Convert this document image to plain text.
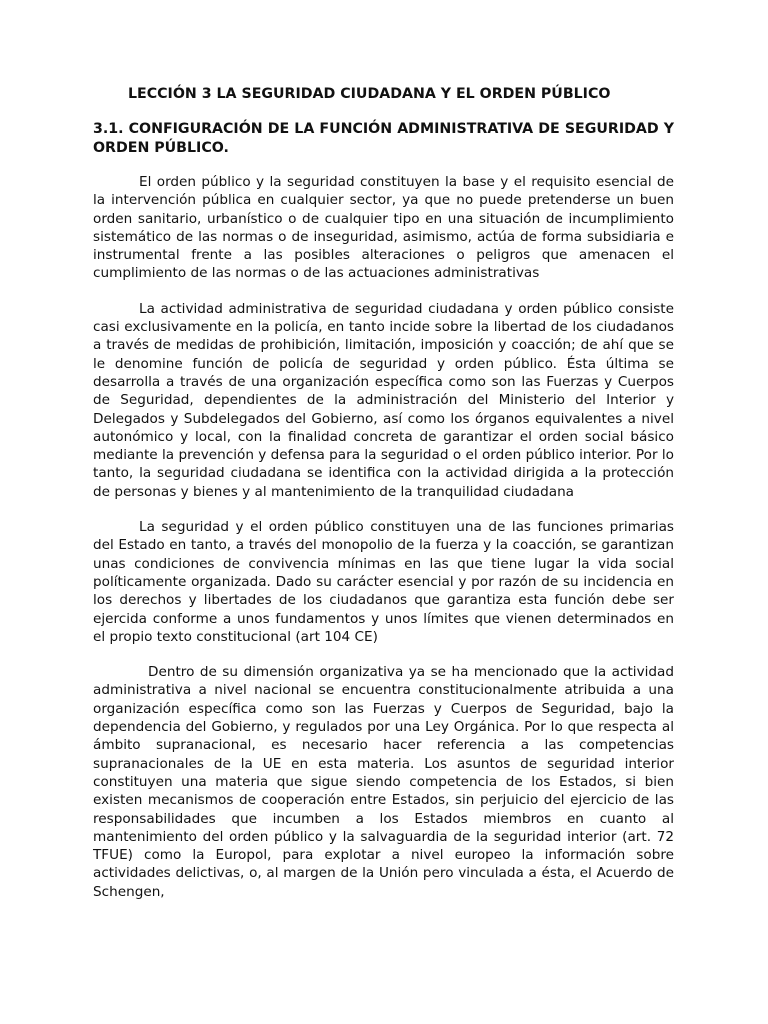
LECCIÓN 3 LA SEGURIDAD CIUDADANA Y EL ORDEN PÚBLICO
3.1. CONFIGURACIÓN DE LA FUNCIÓN ADMINISTRATIVA DE SEGURIDAD Y ORDEN PÚBLICO.

El orden público y la seguridad constituyen la base y el requisito esencial de la intervención pública en cualquier sector, ya que no puede pretenderse un buen orden sanitario, urbanístico o de cualquier tipo en una situación de incumplimiento sistemático de las normas o de inseguridad, asimismo, actúa de forma subsidiaria e instrumental frente a las posibles alteraciones o peligros que amenacen el cumplimiento de las normas o de las actuaciones administrativas

La actividad administrativa de seguridad ciudadana y orden público consiste casi exclusivamente en la policía, en tanto incide sobre la libertad de los ciudadanos a través de medidas de prohibición, limitación, imposición y coacción; de ahí que se le denomine función de policía de seguridad y orden público. Ésta última se desarrolla a través de una organización específica como son las Fuerzas y Cuerpos de Seguridad, dependientes de la administración del Ministerio del Interior y Delegados y Subdelegados del Gobierno, así como los órganos equivalentes a nivel autonómico y local, con la finalidad concreta de garantizar el orden social básico mediante la prevención y defensa para la seguridad o el orden público interior. Por lo tanto, la seguridad ciudadana se identifica con la actividad dirigida a la protección de personas y bienes y al mantenimiento de la tranquilidad ciudadana

La seguridad y el orden público constituyen una de las funciones primarias del Estado en tanto, a través del monopolio de la fuerza y la coacción, se garantizan unas condiciones de convivencia mínimas en las que tiene lugar la vida social políticamente organizada. Dado su carácter esencial y por razón de su incidencia en los derechos y libertades de los ciudadanos que garantiza esta función debe ser ejercida conforme a unos fundamentos y unos límites que vienen determinados en el propio texto constitucional (art 104 CE)

Dentro de su dimensión organizativa ya se ha mencionado que la actividad administrativa a nivel nacional se encuentra constitucionalmente atribuida a una organización específica como son las Fuerzas y Cuerpos de Seguridad, bajo la dependencia del Gobierno, y regulados por una Ley Orgánica. Por lo que respecta al ámbito supranacional, es necesario hacer referencia a las competencias supranacionales de la UE en esta materia. Los asuntos de seguridad interior constituyen una materia que sigue siendo competencia de los Estados, si bien existen mecanismos de cooperación entre Estados, sin perjuicio del ejercicio de las responsabilidades que incumben a los Estados miembros en cuanto al mantenimiento del orden público y la salvaguardia de la seguridad interior (art. 72 TFUE) como la Europol, para explotar a nivel europeo la información sobre actividades delictivas, o, al margen de la Unión pero vinculada a ésta, el Acuerdo de Schengen,
